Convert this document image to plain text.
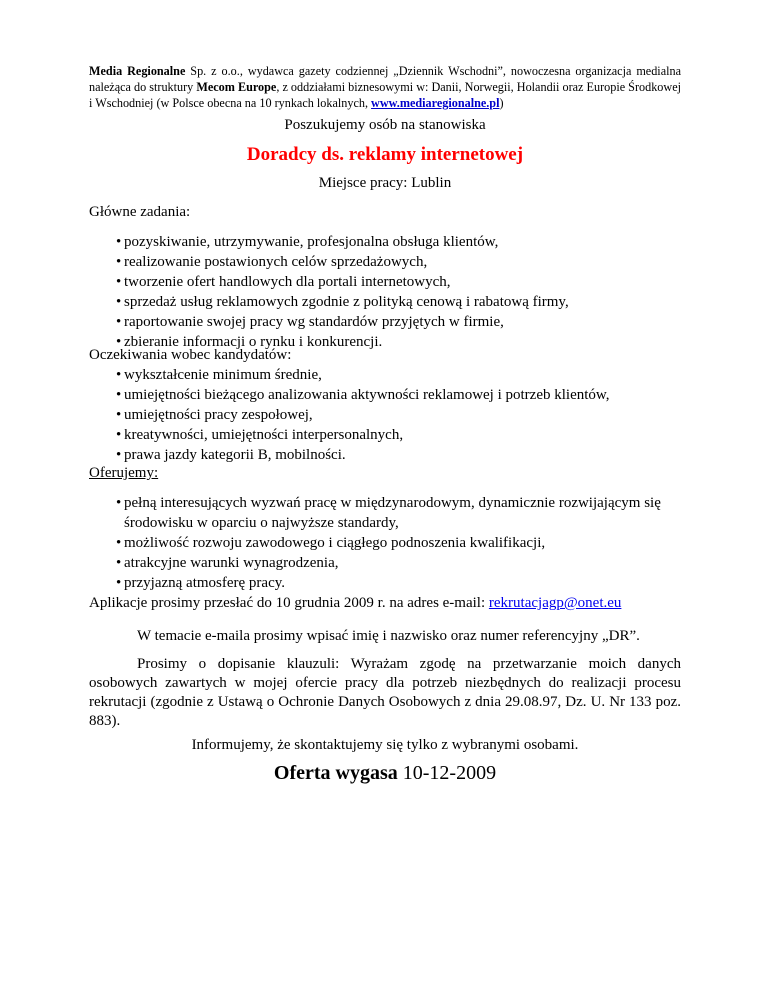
Media Regionalne Sp. z o.o., wydawca gazety codziennej „Dziennik Wschodni”, nowoczesna organizacja medialna należąca do struktury Mecom Europe, z oddziałami biznesowymi w: Danii, Norwegii, Holandii oraz Europie Środkowej i Wschodniej (w Polsce obecna na 10 rynkach lokalnych, www.mediaregionalne.pl)
Poszukujemy osób na stanowiska
Doradcy ds. reklamy internetowej
Miejsce pracy: Lublin

Główne zadania:

• pozyskiwanie, utrzymywanie, profesjonalna obsługa klientów,
• realizowanie postawionych celów sprzedażowych,
• tworzenie ofert handlowych dla portali internetowych,
• sprzedaż usług reklamowych zgodnie z polityką cenową i rabatową firmy,
• raportowanie swojej pracy wg standardów przyjętych w firmie,
• zbieranie informacji o rynku i konkurencji.

Oczekiwania wobec kandydatów:

• wykształcenie minimum średnie,
• umiejętności bieżącego analizowania aktywności reklamowej i potrzeb klientów,
• umiejętności pracy zespołowej,
• kreatywności, umiejętności interpersonalnych,
• prawa jazdy kategorii B, mobilności.

Oferujemy:

• pełną interesujących wyzwań pracę w międzynarodowym, dynamicznie rozwijającym się środowisku w oparciu o najwyższe standardy,
• możliwość rozwoju zawodowego i ciągłego podnoszenia kwalifikacji,
• atrakcyjne warunki wynagrodzenia,
• przyjazną atmosferę pracy.
Aplikacje prosimy przesłać do 10 grudnia 2009 r. na adres e-mail: rekrutacjagp@onet.eu
W temacie e-maila prosimy wpisać imię i nazwisko oraz numer referencyjny „DR”.
Prosimy o dopisanie klauzuli: Wyrażam zgodę na przetwarzanie moich danych osobowych zawartych w mojej ofercie pracy dla potrzeb niezbędnych do realizacji procesu rekrutacji (zgodnie z Ustawą o Ochronie Danych Osobowych z dnia 29.08.97, Dz. U. Nr 133 poz. 883).
Informujemy, że skontaktujemy się tylko z wybranymi osobami.
Oferta wygasa 10-12-2009
